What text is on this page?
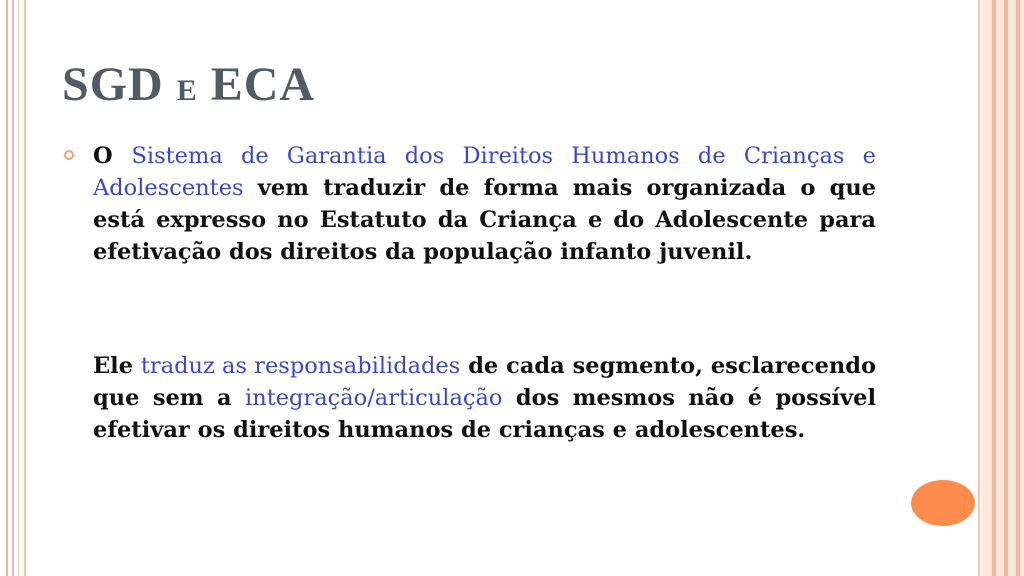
SGD E ECA

O Sistema de Garantia dos Direitos Humanos de Crianças e Adolescentes vem traduzir de forma mais organizada o que está expresso no Estatuto da Criança e do Adolescente para efetivação dos direitos da população infanto juvenil.

Ele traduz as responsabilidades de cada segmento, esclarecendo que sem a integração/articulação dos mesmos não é possível efetivar os direitos humanos de crianças e adolescentes.
